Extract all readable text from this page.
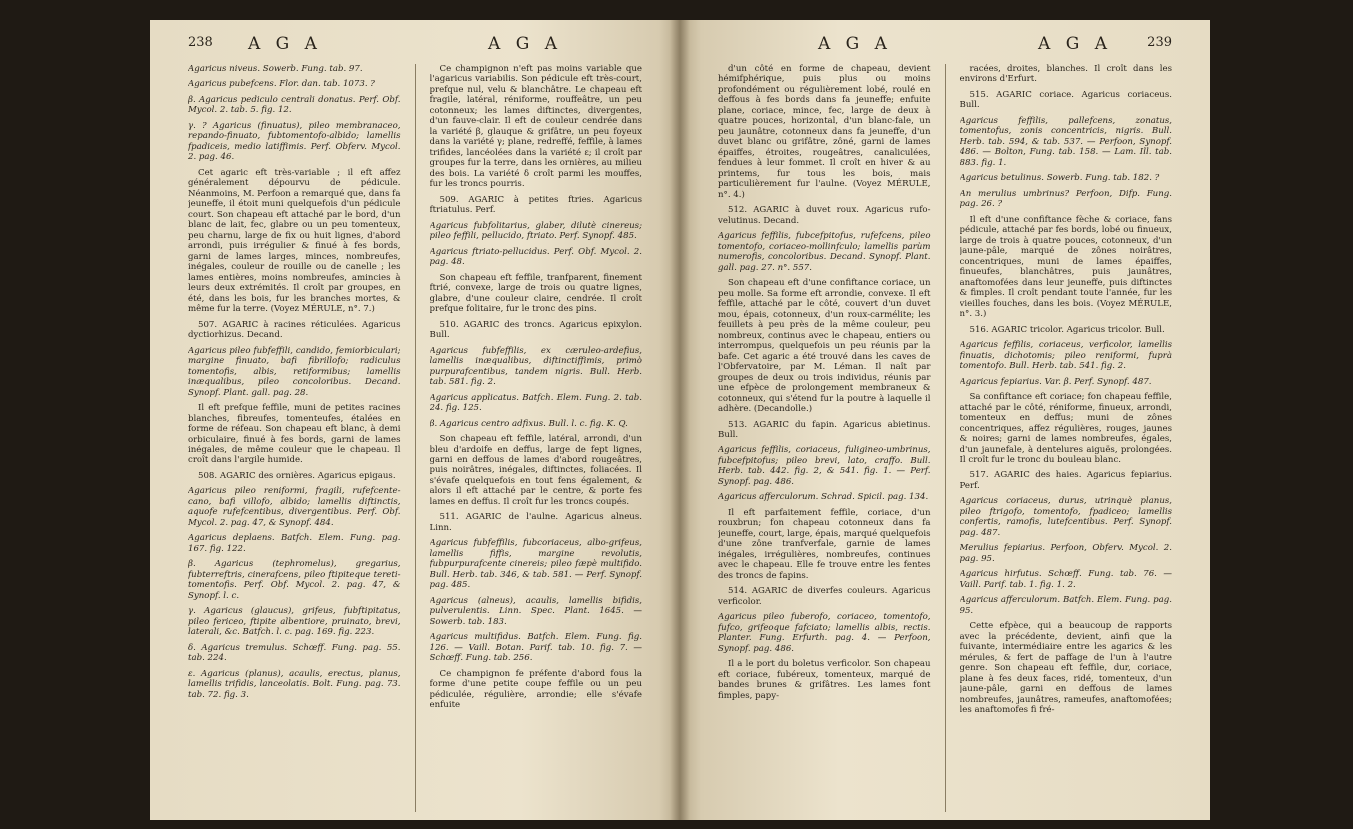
238 A G A	A G A

Agaricus niveus. Sowerb. Fung. tab. 97.

Agaricus pubefcens. Flor. dan. tab. 1073. ?

β. Agaricus pediculo centrali donatus. Perf. Obf. Mycol. 2. tab. 5. fig. 12.

γ. ? Agaricus (finuatus), pileo membranaceo, repando-finuato, fubtomentofo-albido; lamellis fpadiceis, medio latiffimis. Perf. Obferv. Mycol. 2. pag. 46.

Cet agaric eft très-variable ; il eft affez généralement dépourvu de pédicule. Néanmoins, M. Perfoon a remarqué que, dans fa jeuneffe, il étoit muni quelquefois d'un pédicule court. Son chapeau eft attaché par le bord, d'un blanc de lait, fec, glabre ou un peu tomenteux, peu charnu, large de fix ou huit lignes, d'abord arrondi, puis irrégulier & finué à fes bords, garni de lames larges, minces, nombreufes, inégales, couleur de rouille ou de canelle ; les lames entières, moins nombreufes, amincies à leurs deux extrémités. Il croît par groupes, en été, dans les bois, fur les branches mortes, & même fur la terre. (Voyez MÉRULE, n°. 7.)

507. AGARIC à racines réticulées. Agaricus dyctiorhizus. Decand.

Agaricus pileo fubfeffili, candido, femiorbiculari; margine finuato, bafi fibrillofo; radiculus tomentofis, albis, retiformibus; lamellis inæqualibus, pileo concoloribus. Decand. Synopf. Plant. gall. pag. 28.

Il eft prefque feffile, muni de petites racines blanches, fibreufes, tomenteufes, étalées en forme de réfeau. Son chapeau eft blanc, à demi orbiculaire, finué à fes bords, garni de lames inégales, de même couleur que le chapeau. Il croît dans l'argile humide.

508. AGARIC des ornières. Agaricus epigaus.

Agaricus pileo reniformi, fragili, rufefcente-cano, bafi villofo, albido; lamellis diftinctis, aquofe rufefcentibus, divergentibus. Perf. Obf. Mycol. 2. pag. 47, & Synopf. 484.

Agaricus deplaens. Batfch. Elem. Fung. pag. 167. fig. 122.

β. Agaricus (tephromelus), gregarius, fubterreftris, cinerafcens, pileo ftipiteque tereti-tomentofis. Perf. Obf. Mycol. 2. pag. 47, & Synopf. l. c.

γ. Agaricus (glaucus), grifeus, fubftipitatus, pileo fericeo, ftipite albentiore, pruinato, brevi, laterali, &c. Batfch. l. c. pag. 169. fig. 223.

δ. Agaricus tremulus. Schœff. Fung. pag. 55. tab. 224.

ε. Agaricus (planus), acaulis, erectus, planus, lamellis trifidis, lanceolatis. Bolt. Fung. pag. 73. tab. 72. fig. 3.

Ce champignon n'eft pas moins variable que l'agaricus variabilis. Son pédicule eft très-court, prefque nul, velu & blanchâtre. Le chapeau eft fragile, latéral, réniforme, rouffeâtre, un peu cotonneux; les lames diftinctes, divergentes, d'un fauve-clair. Il eft de couleur cendrée dans la variété β, glauque & grifâtre, un peu foyeux dans la variété γ; plane, redreffé, feffile, à lames trifides, lancéolées dans la variété ε; il croît par groupes fur la terre, dans les ornières, au milieu des bois. La variété δ croît parmi les mouffes, fur les troncs pourris.

509. AGARIC à petites ftries. Agaricus ftriatulus. Perf.

Agaricus fubfolitarius, glaber, dilutè cinereus; pileo feffili, pellucido, ftriato. Perf. Synopf. 485.

Agaricus ftriato-pellucidus. Perf. Obf. Mycol. 2. pag. 48.

Son chapeau eft feffile, tranfparent, finement ftrié, convexe, large de trois ou quatre lignes, glabre, d'une couleur claire, cendrée. Il croît prefque folitaire, fur le tronc des pins.

510. AGARIC des troncs. Agaricus epixylon. Bull.

Agaricus fubfeffilis, ex cæruleo-ardefius, lamellis inæqualibus, diftinctiffimis, primò purpurafcentibus, tandem nigris. Bull. Herb. tab. 581. fig. 2.

Agaricus applicatus. Batfch. Elem. Fung. 2. tab. 24. fig. 125.

β. Agaricus centro adfixus. Bull. l. c. fig. K. Q.

Son chapeau eft feffile, latéral, arrondi, d'un bleu d'ardoife en deffus, large de fept lignes, garni en deffous de lames d'abord rougeâtres, puis noirâtres, inégales, diftinctes, foliacées. Il s'évafe quelquefois en tout fens également, & alors il eft attaché par le centre, & porte fes lames en deffus. Il croît fur les troncs coupés.

511. AGARIC de l'aulne. Agaricus alneus. Linn.

Agaricus fubfeffilis, fubcoriaceus, albo-grifeus, lamellis fiffis, margine revolutis, fubpurpurafcente cinereis; pileo fæpè multifido. Bull. Herb. tab. 346, & tab. 581. — Perf. Synopf. pag. 485.

Agaricus (alneus), acaulis, lamellis bifidis, pulverulentis. Linn. Spec. Plant. 1645. — Sowerb. tab. 183.

Agaricus multifidus. Batfch. Elem. Fung. fig. 126. — Vaill. Botan. Parif. tab. 10. fig. 7. — Schœff. Fung. tab. 256.

Ce champignon fe préfente d'abord fous la forme d'une petite coupe feffile ou un peu pédiculée, régulière, arrondie; elle s'évafe enfuite

A G A	A G A	239

d'un côté en forme de chapeau, devient hémifphérique, puis plus ou moins profondément ou régulièrement lobé, roulé en deffous à fes bords dans fa jeuneffe; enfuite plane, coriace, mince, fec, large de deux à quatre pouces, horizontal, d'un blanc-fale, un peu jaunâtre, cotonneux dans fa jeuneffe, d'un duvet blanc ou grifâtre, zôné, garni de lames épaiffes, étroites, rougeâtres, canaliculées, fendues à leur fommet. Il croît en hiver & au printems, fur tous les bois, mais particulièrement fur l'aulne. (Voyez MÉRULE, n°. 4.)

512. AGARIC à duvet roux. Agaricus rufo-velutinus. Decand.

Agaricus feffilis, fubcefpitofus, rufefcens, pileo tomentofo, coriaceo-mollinfculo; lamellis parùm numerofis, concoloribus. Decand. Synopf. Plant. gall. pag. 27. n°. 557.

Son chapeau eft d'une confiftance coriace, un peu molle. Sa forme eft arrondie, convexe. Il eft feffile, attaché par le côté, couvert d'un duvet mou, épais, cotonneux, d'un roux-carmélite; les feuillets à peu près de la même couleur, peu nombreux, continus avec le chapeau, entiers ou interrompus, quelquefois un peu réunis par la bafe. Cet agaric a été trouvé dans les caves de l'Obfervatoire, par M. Léman. Il naît par groupes de deux ou trois individus, réunis par une efpèce de prolongement membraneux & cotonneux, qui s'étend fur la poutre à laquelle il adhère. (Decandolle.)

513. AGARIC du fapin. Agaricus abietinus. Bull.

Agaricus feffilis, coriaceus, fuligineo-umbrinus, fubcefpitofus; pileo brevi, lato, craffo. Bull. Herb. tab. 442. fig. 2, & 541. fig. 1. — Perf. Synopf. pag. 486.

Agaricus afferculorum. Schrad. Spicil. pag. 134.

Il eft parfaitement feffile, coriace, d'un rouxbrun; fon chapeau cotonneux dans fa jeuneffe, court, large, épais, marqué quelquefois d'une zône tranfverfale, garnie de lames inégales, irrégulières, nombreufes, continues avec le chapeau. Elle fe trouve entre les fentes des troncs de fapins.

514. AGARIC de diverfes couleurs. Agaricus verficolor.

Agaricus pileo fuberofo, coriaceo, tomentofo, fufco, grifeoque fafciato; lamellis albis, rectis. Planter. Fung. Erfurth. pag. 4. — Perfoon, Synopf. pag. 486.

Il a le port du boletus verficolor. Son chapeau eft coriace, fubéreux, tomenteux, marqué de bandes brunes & grifâtres. Les lames font fimples, papy-

racées, droites, blanches. Il croît dans les environs d'Erfurt.

515. AGARIC coriace. Agaricus coriaceus. Bull.

Agaricus feffilis, pallefcens, zonatus, tomentofus, zonis concentricis, nigris. Bull. Herb. tab. 594, & tab. 537. — Perfoon, Synopf. 486. — Bolton, Fung. tab. 158. — Lam. Ill. tab. 883. fig. 1.

Agaricus betulinus. Sowerb. Fung. tab. 182. ?

An merulius umbrinus? Perfoon, Difp. Fung. pag. 26. ?

Il eft d'une confiftance fèche & coriace, fans pédicule, attaché par fes bords, lobé ou finueux, large de trois à quatre pouces, cotonneux, d'un jaune-pâle, marqué de zônes noirâtres, concentriques, muni de lames épaiffes, finueufes, blanchâtres, puis jaunâtres, anaftomofées dans leur jeuneffe, puis diftinctes & fimples. Il croît pendant toute l'année, fur les vieilles fouches, dans les bois. (Voyez MÉRULE, n°. 3.)

516. AGARIC tricolor. Agaricus tricolor. Bull.

Agaricus feffilis, coriaceus, verficolor, lamellis finuatis, dichotomis; pileo reniformi, fuprà tomentofo. Bull. Herb. tab. 541. fig. 2.

Agaricus fepiarius. Var. β. Perf. Synopf. 487.

Sa confiftance eft coriace; fon chapeau feffile, attaché par le côté, réniforme, finueux, arrondi, tomenteux en deffus; muni de zônes concentriques, affez régulières, rouges, jaunes & noires; garni de lames nombreufes, égales, d'un jaunefale, à dentelures aiguës, prolongées. Il croît fur le tronc du bouleau blanc.

517. AGARIC des haies. Agaricus fepiarius. Perf.

Agaricus coriaceus, durus, utrinquè planus, pileo ftrigofo, tomentofo, fpadiceo; lamellis confertis, ramofis, lutefcentibus. Perf. Synopf. pag. 487.

Merulius fepiarius. Perfoon, Obferv. Mycol. 2. pag. 95.

Agaricus hirfutus. Schœff. Fung. tab. 76. — Vaill. Parif. tab. 1. fig. 1. 2.

Agaricus afferculorum. Batfch. Elem. Fung. pag. 95.

Cette efpèce, qui a beaucoup de rapports avec la précédente, devient, ainfi que la fuivante, intermédiaire entre les agarics & les mérules, & fert de paffage de l'un à l'autre genre. Son chapeau eft feffile, dur, coriace, plane à fes deux faces, ridé, tomenteux, d'un jaune-pâle, garni en deffous de lames nombreufes, jaunâtres, rameufes, anaftomofées; les anaftomofes fi fré-
